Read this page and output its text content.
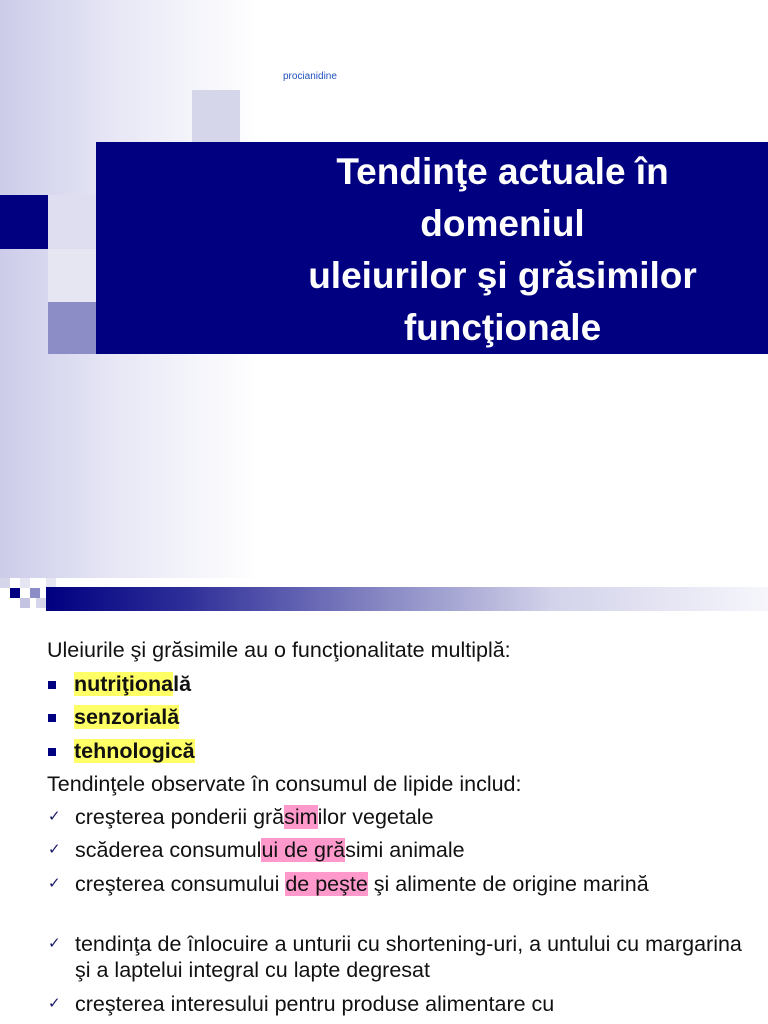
procianidine
Tendinţe actuale în
domeniul
uleiurilor şi grăsimilor
funcţionale
Uleiurile şi grăsimile au o funcţionalitate multiplă:
nutriţională
senzorială
tehnologică
Tendinţele observate în consumul de lipide includ:
✓ creşterea ponderii grăsimilor vegetale
✓ scăderea consumului de grăsimi animale
✓ creşterea consumului de peşte şi alimente de origine marină
✓ tendinţa de înlocuire a unturii cu shortening-uri, a untului cu margarina şi a laptelui integral cu lapte degresat
✓ creşterea interesului pentru produse alimentare cu
